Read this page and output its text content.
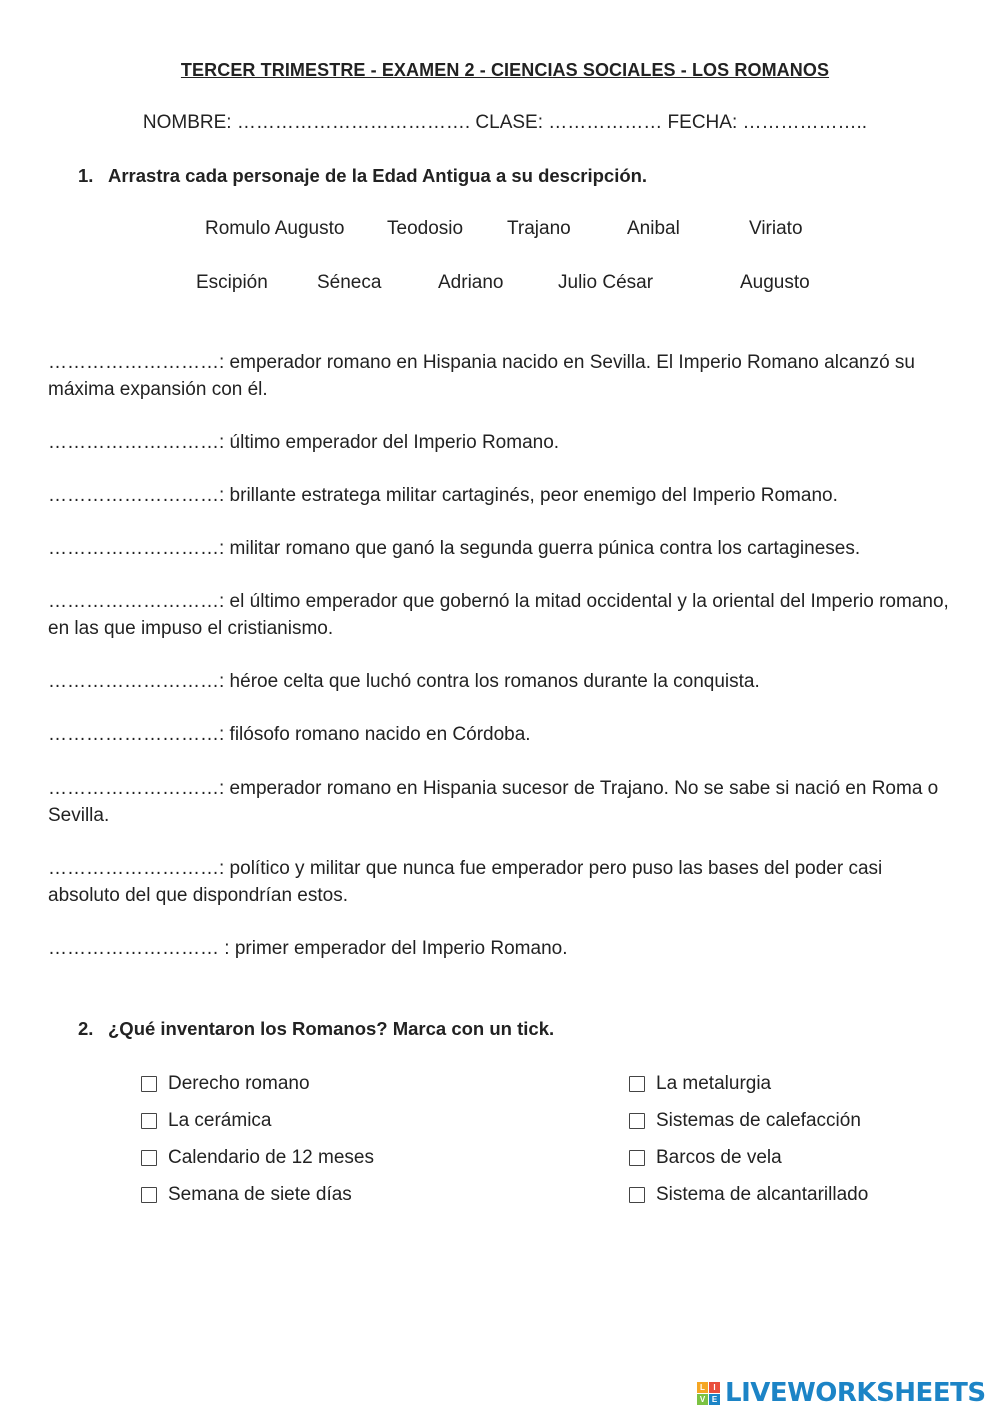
TERCER TRIMESTRE - EXAMEN 2 - CIENCIAS SOCIALES - LOS ROMANOS
NOMBRE: ………………………………. CLASE: ……………… FECHA: ………………..
1. Arrastra cada personaje de la Edad Antigua a su descripción.
Romulo Augusto Teodosio Trajano	Anibal	Viriato
Escipión	Séneca	Adriano	Julio César	Augusto
………………………: emperador romano en Hispania nacido en Sevilla. El Imperio Romano alcanzó su máxima expansión con él.
………………………: último emperador del Imperio Romano.
………………………: brillante estratega militar cartaginés, peor enemigo del Imperio Romano.
………………………: militar romano que ganó la segunda guerra púnica contra los cartagineses.
………………………: el último emperador que gobernó la mitad occidental y la oriental del Imperio romano, en las que impuso el cristianismo.
………………………: héroe celta que luchó contra los romanos durante la conquista.
………………………: filósofo romano nacido en Córdoba.
………………………: emperador romano en Hispania sucesor de Trajano. No se sabe si nació en Roma o Sevilla.
………………………: político y militar que nunca fue emperador pero puso las bases del poder casi absoluto del que dispondrían estos.
……………………… : primer emperador del Imperio Romano.
2. ¿Qué inventaron los Romanos? Marca con un tick.
Derecho romano
La cerámica
Calendario de 12 meses
Semana de siete días
La metalurgia
Sistemas de calefacción
Barcos de vela
Sistema de alcantarillado
L	I
V E LIVEWORKSHEETS
